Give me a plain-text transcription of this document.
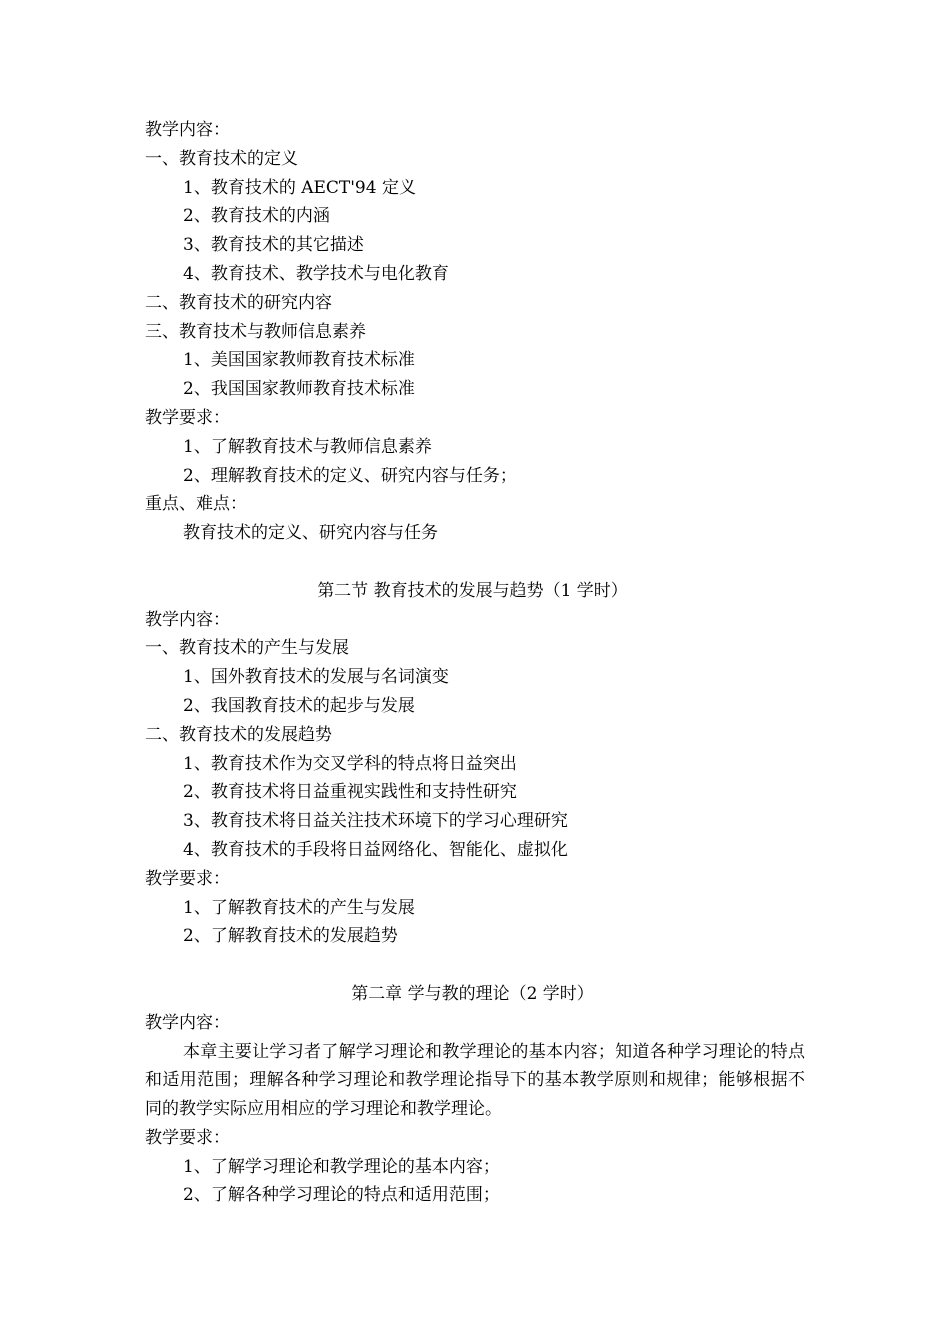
教学内容：

一、教育技术的定义

1、教育技术的 AECT'94 定义

2、教育技术的内涵

3、教育技术的其它描述

4、教育技术、教学技术与电化教育

二、教育技术的研究内容

三、教育技术与教师信息素养

1、美国国家教师教育技术标准

2、我国国家教师教育技术标准

教学要求：

1、了解教育技术与教师信息素养

2、理解教育技术的定义、研究内容与任务；

重点、难点：

教育技术的定义、研究内容与任务

第二节 教育技术的发展与趋势（1 学时）

教学内容：

一、教育技术的产生与发展

1、国外教育技术的发展与名词演变

2、我国教育技术的起步与发展

二、教育技术的发展趋势

1、教育技术作为交叉学科的特点将日益突出

2、教育技术将日益重视实践性和支持性研究

3、教育技术将日益关注技术环境下的学习心理研究

4、教育技术的手段将日益网络化、智能化、虚拟化

教学要求：

1、了解教育技术的产生与发展

2、了解教育技术的发展趋势

第二章 学与教的理论（2 学时）

教学内容：

本章主要让学习者了解学习理论和教学理论的基本内容；知道各种学习理论的特点和适用范围；理解各种学习理论和教学理论指导下的基本教学原则和规律；能够根据不同的教学实际应用相应的学习理论和教学理论。

教学要求：

1、了解学习理论和教学理论的基本内容；

2、了解各种学习理论的特点和适用范围；
